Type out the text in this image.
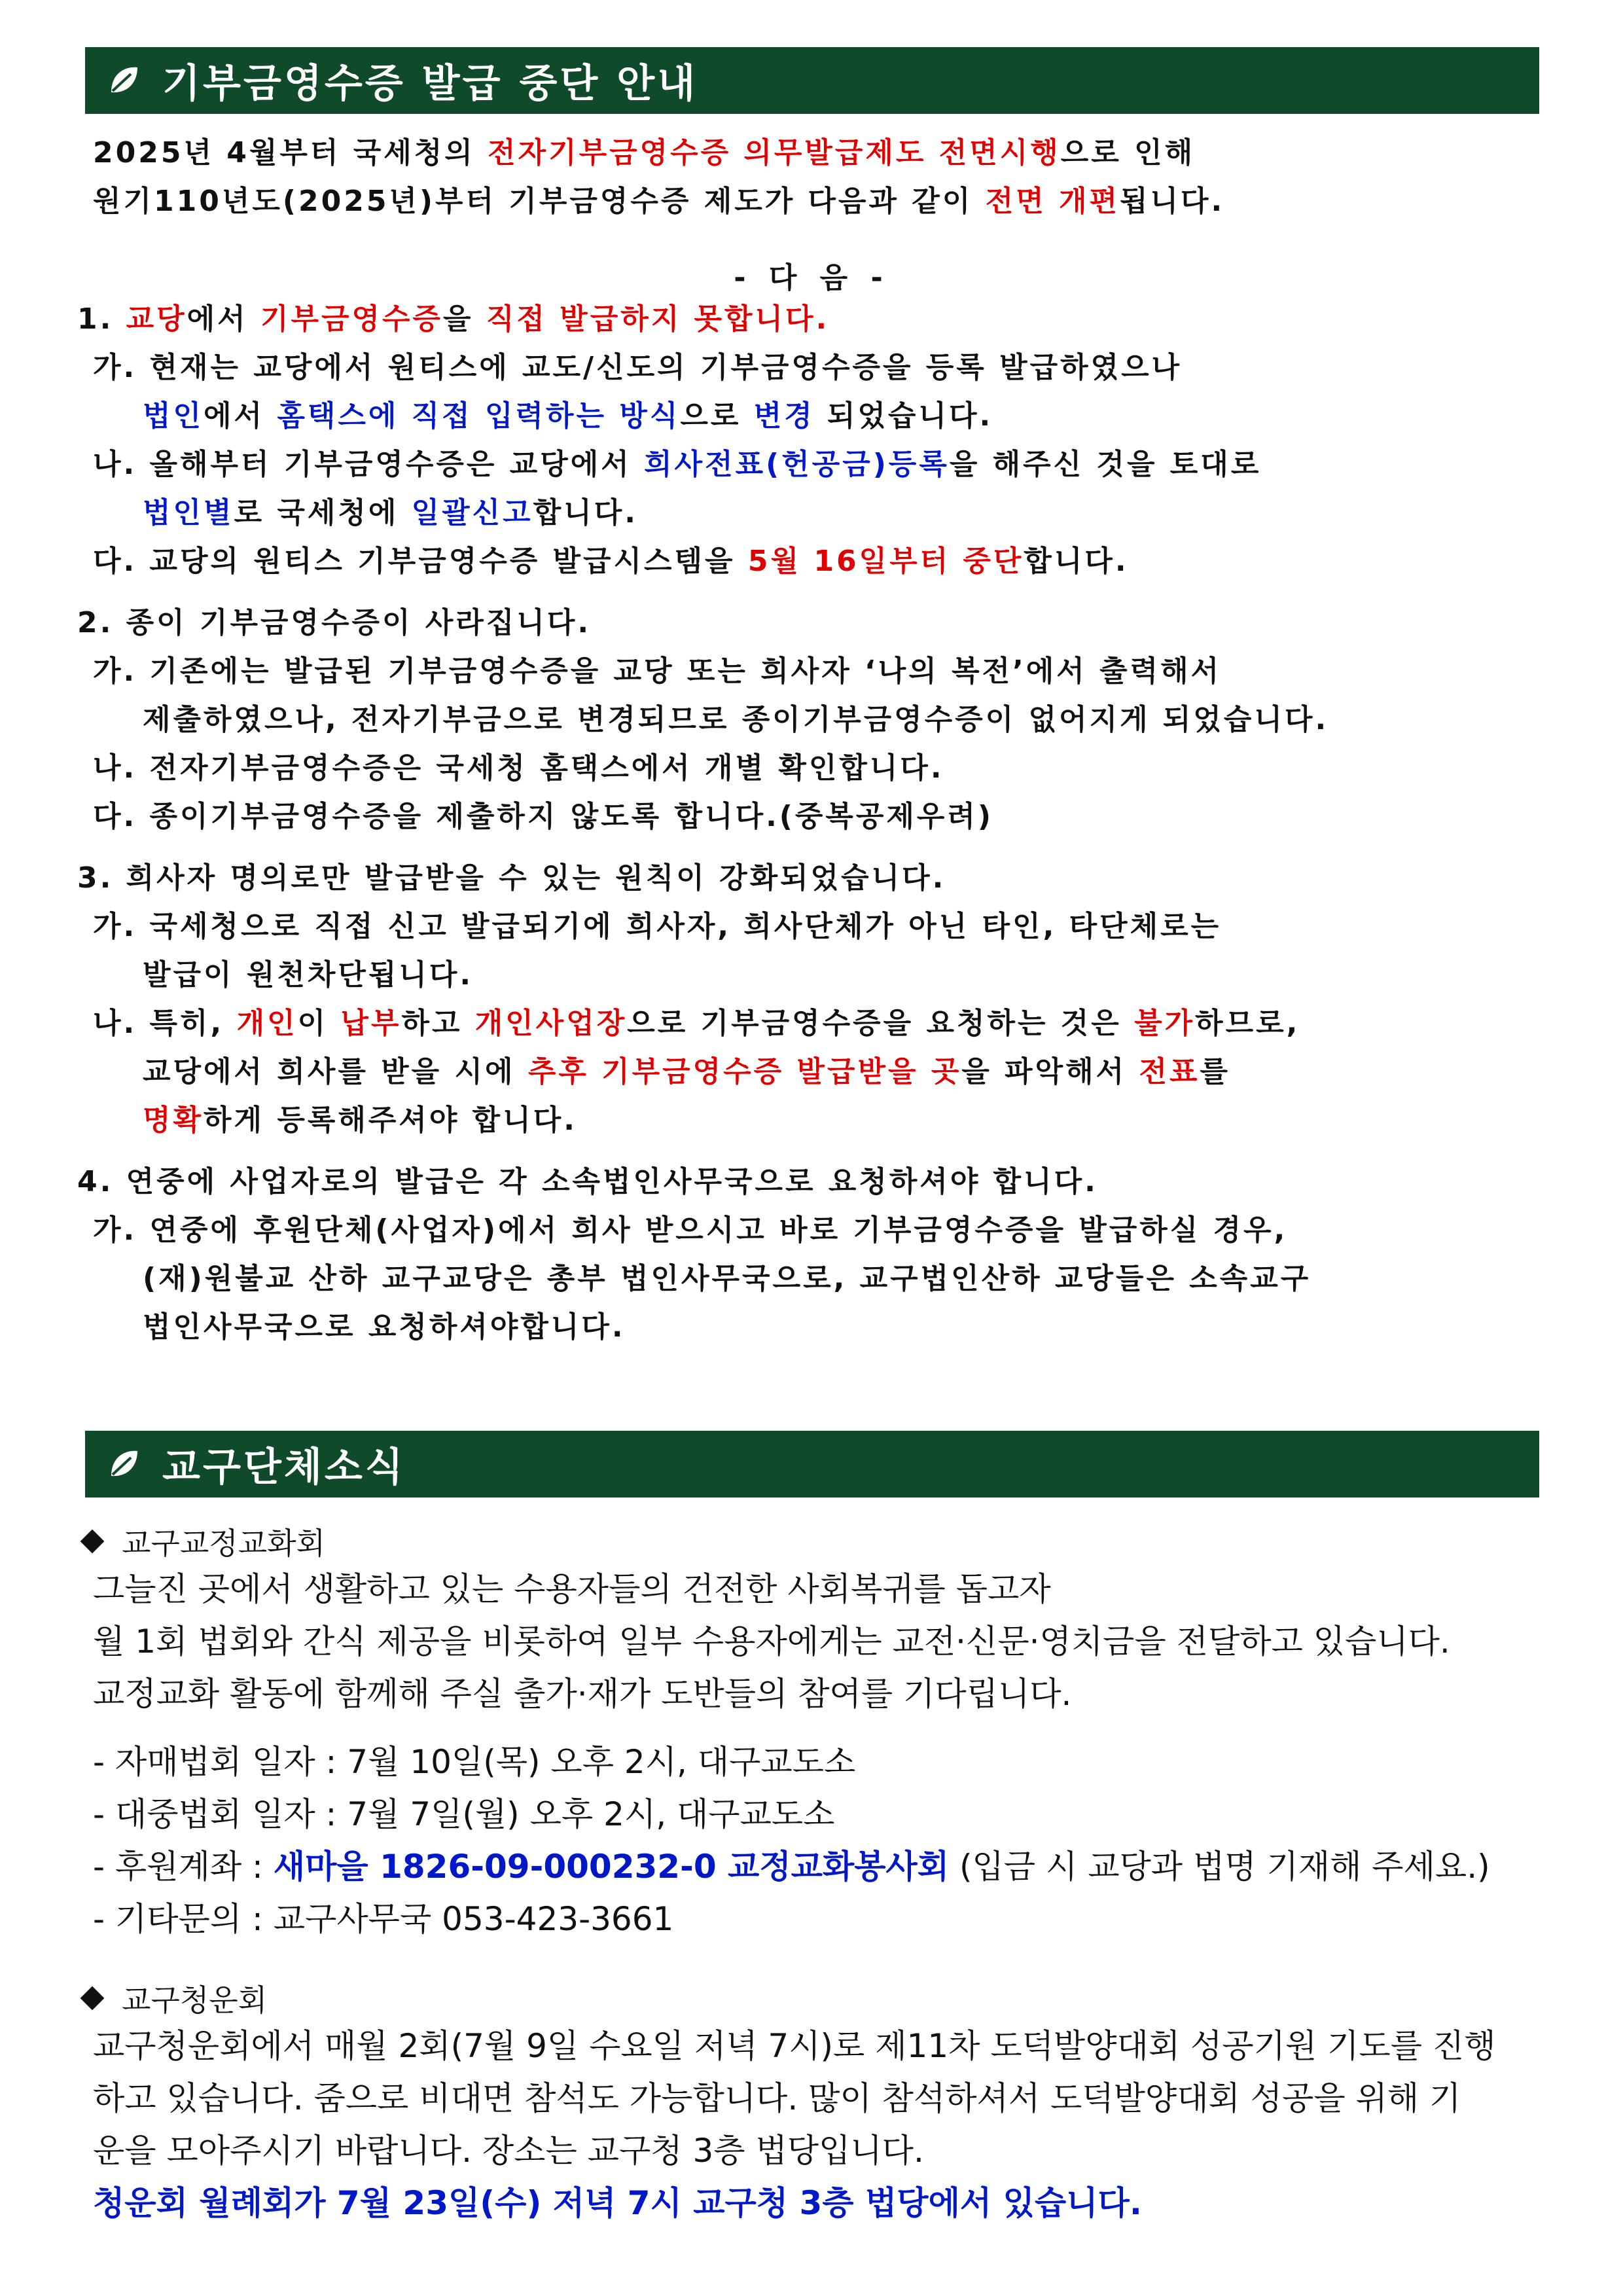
기부금영수증 발급 중단 안내
2025년 4월부터 국세청의 전자기부금영수증 의무발급제도 전면시행으로 인해
원기110년도(2025년)부터 기부금영수증 제도가 다음과 같이 전면 개편됩니다.
- 다 음 -
1. 교당에서 기부금영수증을 직접 발급하지 못합니다.
가. 현재는 교당에서 원티스에 교도/신도의 기부금영수증을 등록 발급하였으나
법인에서 홈택스에 직접 입력하는 방식으로 변경 되었습니다.
나. 올해부터 기부금영수증은 교당에서 희사전표(헌공금)등록을 해주신 것을 토대로
법인별로 국세청에 일괄신고합니다.
다. 교당의 원티스 기부금영수증 발급시스템을 5월 16일부터 중단합니다.
2. 종이 기부금영수증이 사라집니다.
가. 기존에는 발급된 기부금영수증을 교당 또는 희사자 ‘나의 복전’에서 출력해서
제출하였으나, 전자기부금으로 변경되므로 종이기부금영수증이 없어지게 되었습니다.
나. 전자기부금영수증은 국세청 홈택스에서 개별 확인합니다.
다. 종이기부금영수증을 제출하지 않도록 합니다.(중복공제우려)
3. 희사자 명의로만 발급받을 수 있는 원칙이 강화되었습니다.
가. 국세청으로 직접 신고 발급되기에 희사자, 희사단체가 아닌 타인, 타단체로는
발급이 원천차단됩니다.
나. 특히, 개인이 납부하고 개인사업장으로 기부금영수증을 요청하는 것은 불가하므로,
교당에서 희사를 받을 시에 추후 기부금영수증 발급받을 곳을 파악해서 전표를
명확하게 등록해주셔야 합니다.
4. 연중에 사업자로의 발급은 각 소속법인사무국으로 요청하셔야 합니다.
가. 연중에 후원단체(사업자)에서 희사 받으시고 바로 기부금영수증을 발급하실 경우,
(재)원불교 산하 교구교당은 총부 법인사무국으로, 교구법인산하 교당들은 소속교구
법인사무국으로 요청하셔야합니다.
교구단체소식
교구교정교화회
그늘진 곳에서 생활하고 있는 수용자들의 건전한 사회복귀를 돕고자
월 1회 법회와 간식 제공을 비롯하여 일부 수용자에게는 교전·신문·영치금을 전달하고 있습니다.
교정교화 활동에 함께해 주실 출가·재가 도반들의 참여를 기다립니다.
- 자매법회 일자 : 7월 10일(목) 오후 2시, 대구교도소
- 대중법회 일자 : 7월 7일(월) 오후 2시, 대구교도소
- 후원계좌 : 새마을 1826-09-000232-0 교정교화봉사회 (입금 시 교당과 법명 기재해 주세요.)
- 기타문의 : 교구사무국 053-423-3661
교구청운회
교구청운회에서 매월 2회(7월 9일 수요일 저녁 7시)로 제11차 도덕발양대회 성공기원 기도를 진행
하고 있습니다. 줌으로 비대면 참석도 가능합니다. 많이 참석하셔서 도덕발양대회 성공을 위해 기
운을 모아주시기 바랍니다. 장소는 교구청 3층 법당입니다.
청운회 월례회가 7월 23일(수) 저녁 7시 교구청 3층 법당에서 있습니다.
